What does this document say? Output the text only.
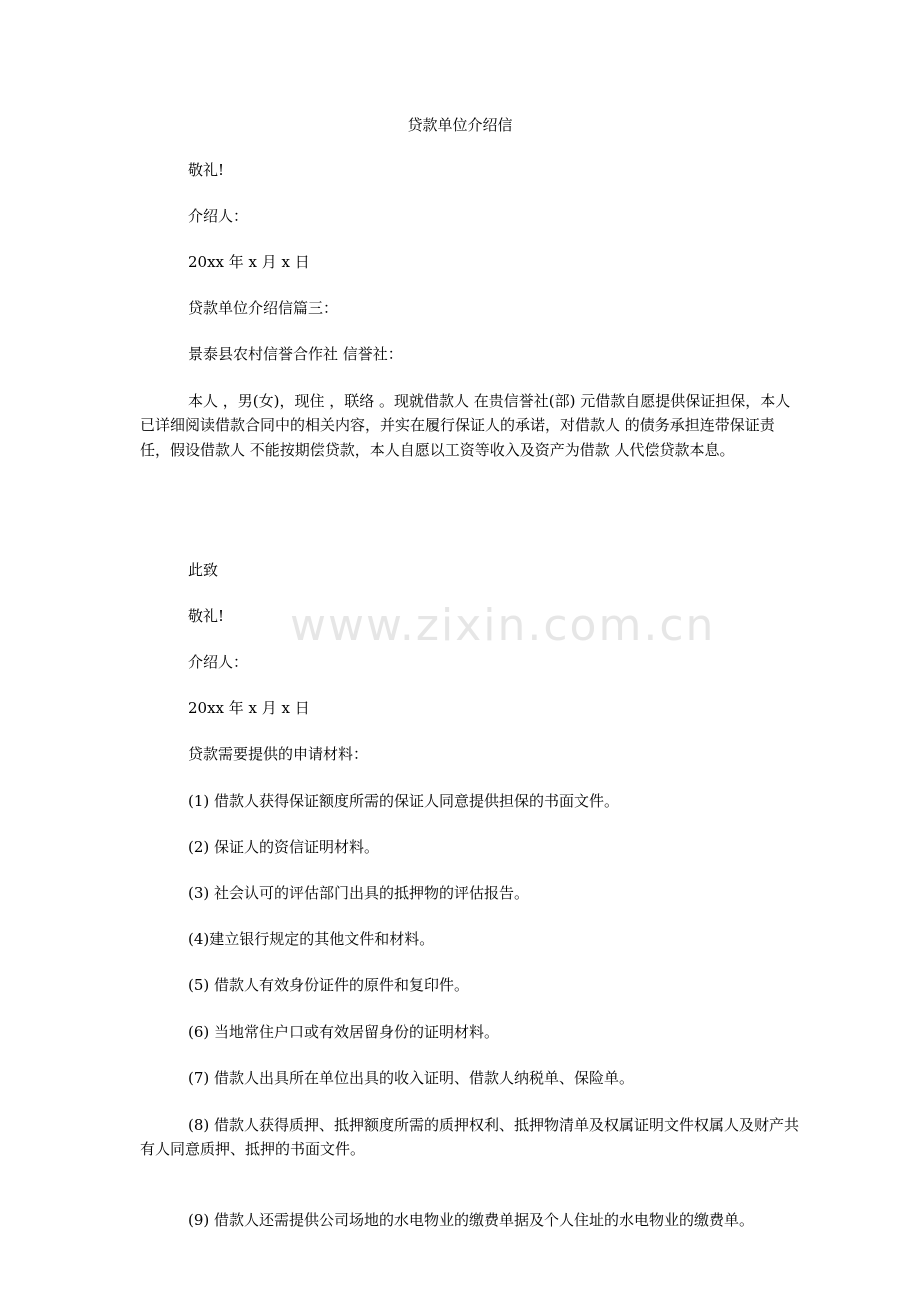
www.zixin.com.cn
贷款单位介绍信
敬礼!
介绍人：
20xx 年 x 月 x 日
贷款单位介绍信篇三：
景泰县农村信誉合作社 信誉社：
本人 ，男(女)，现住 ，联络 。现就借款人 在贵信誉社(部) 元借款自愿提供保证担保，本人已详细阅读借款合同中的相关内容，并实在履行保证人的承诺，对借款人 的债务承担连带保证责任，假设借款人 不能按期偿贷款，本人自愿以工资等收入及资产为借款 人代偿贷款本息。
此致
敬礼!
介绍人：
20xx 年 x 月 x 日
贷款需要提供的申请材料：
(1) 借款人获得保证额度所需的保证人同意提供担保的书面文件。
(2) 保证人的资信证明材料。
(3) 社会认可的评估部门出具的抵押物的评估报告。
(4)建立银行规定的其他文件和材料。
(5) 借款人有效身份证件的原件和复印件。
(6) 当地常住户口或有效居留身份的证明材料。
(7) 借款人出具所在单位出具的收入证明、借款人纳税单、保险单。
(8) 借款人获得质押、抵押额度所需的质押权利、抵押物清单及权属证明文件权属人及财产共有人同意质押、抵押的书面文件。
(9) 借款人还需提供公司场地的水电物业的缴费单据及个人住址的水电物业的缴费单。
